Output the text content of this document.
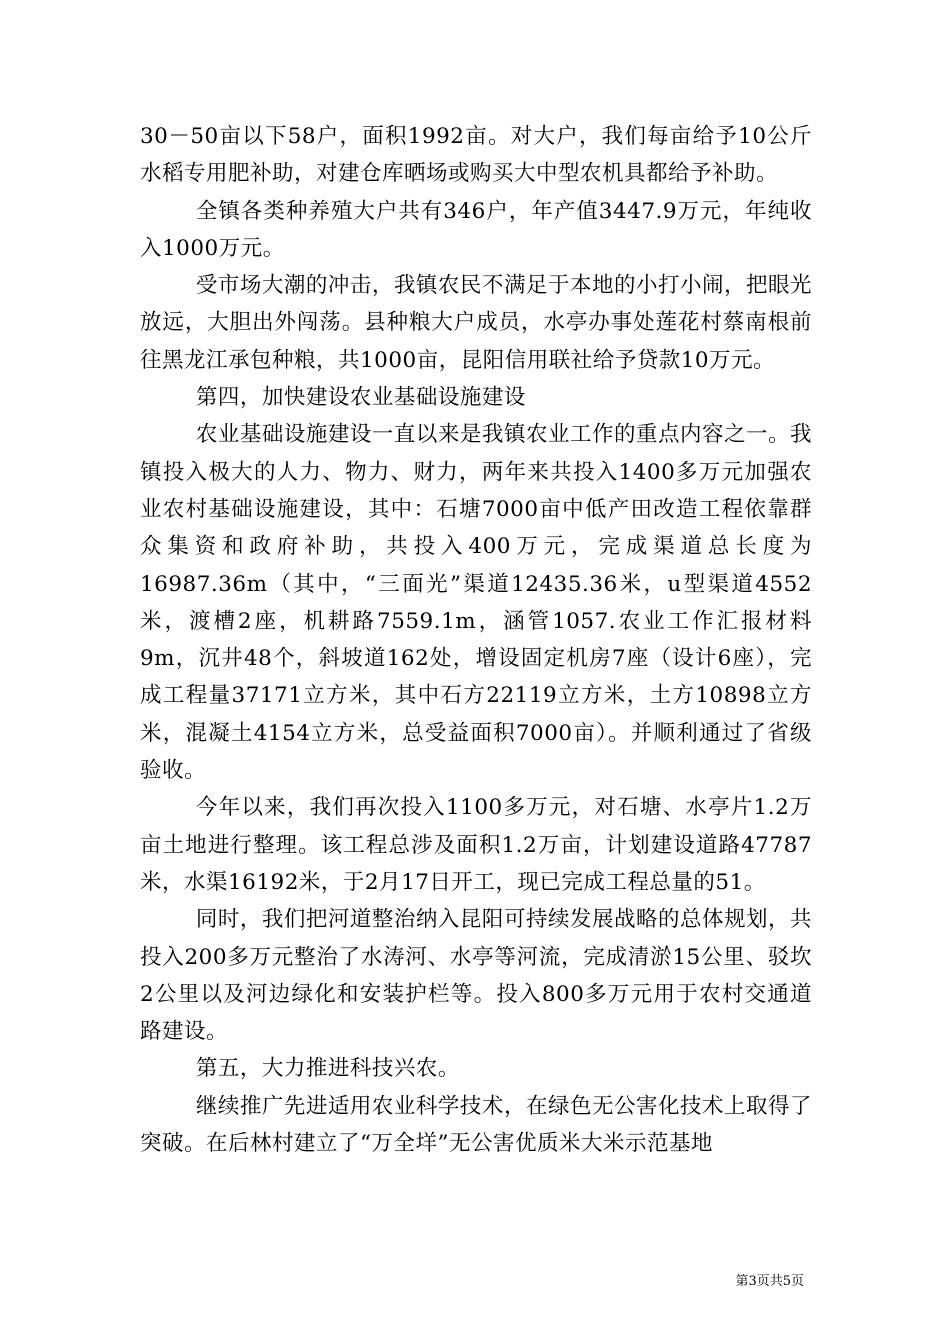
30－50亩以下58户，面积1992亩。对大户，我们每亩给予10公斤水稻专用肥补助，对建仓库晒场或购买大中型农机具都给予补助。

全镇各类种养殖大户共有346户，年产值3447.9万元，年纯收入1000万元。

受市场大潮的冲击，我镇农民不满足于本地的小打小闹，把眼光放远，大胆出外闯荡。县种粮大户成员，水亭办事处莲花村蔡南根前往黑龙江承包种粮，共1000亩，昆阳信用联社给予贷款10万元。

第四，加快建设农业基础设施建设

农业基础设施建设一直以来是我镇农业工作的重点内容之一。我镇投入极大的人力、物力、财力，两年来共投入1400多万元加强农业农村基础设施建设，其中：石塘7000亩中低产田改造工程依靠群众集资和政府补助，共投入400万元，完成渠道总长度为16987.36m（其中，“三面光”渠道12435.36米，u型渠道4552米，渡槽2座，机耕路7559.1m，涵管1057.农业工作汇报材料9m，沉井48个，斜坡道162处，增设固定机房7座（设计6座），完成工程量37171立方米，其中石方22119立方米，土方10898立方米，混凝土4154立方米，总受益面积7000亩）。并顺利通过了省级验收。

今年以来，我们再次投入1100多万元，对石塘、水亭片1.2万亩土地进行整理。该工程总涉及面积1.2万亩，计划建设道路47787米，水渠16192米，于2月17日开工，现已完成工程总量的51。

同时，我们把河道整治纳入昆阳可持续发展战略的总体规划，共投入200多万元整治了水涛河、水亭等河流，完成清淤15公里、驳坎2公里以及河边绿化和安装护栏等。投入800多万元用于农村交通道路建设。

第五，大力推进科技兴农。

继续推广先进适用农业科学技术，在绿色无公害化技术上取得了突破。在后林村建立了“万全垟”无公害优质米大米示范基地

第3页共5页
